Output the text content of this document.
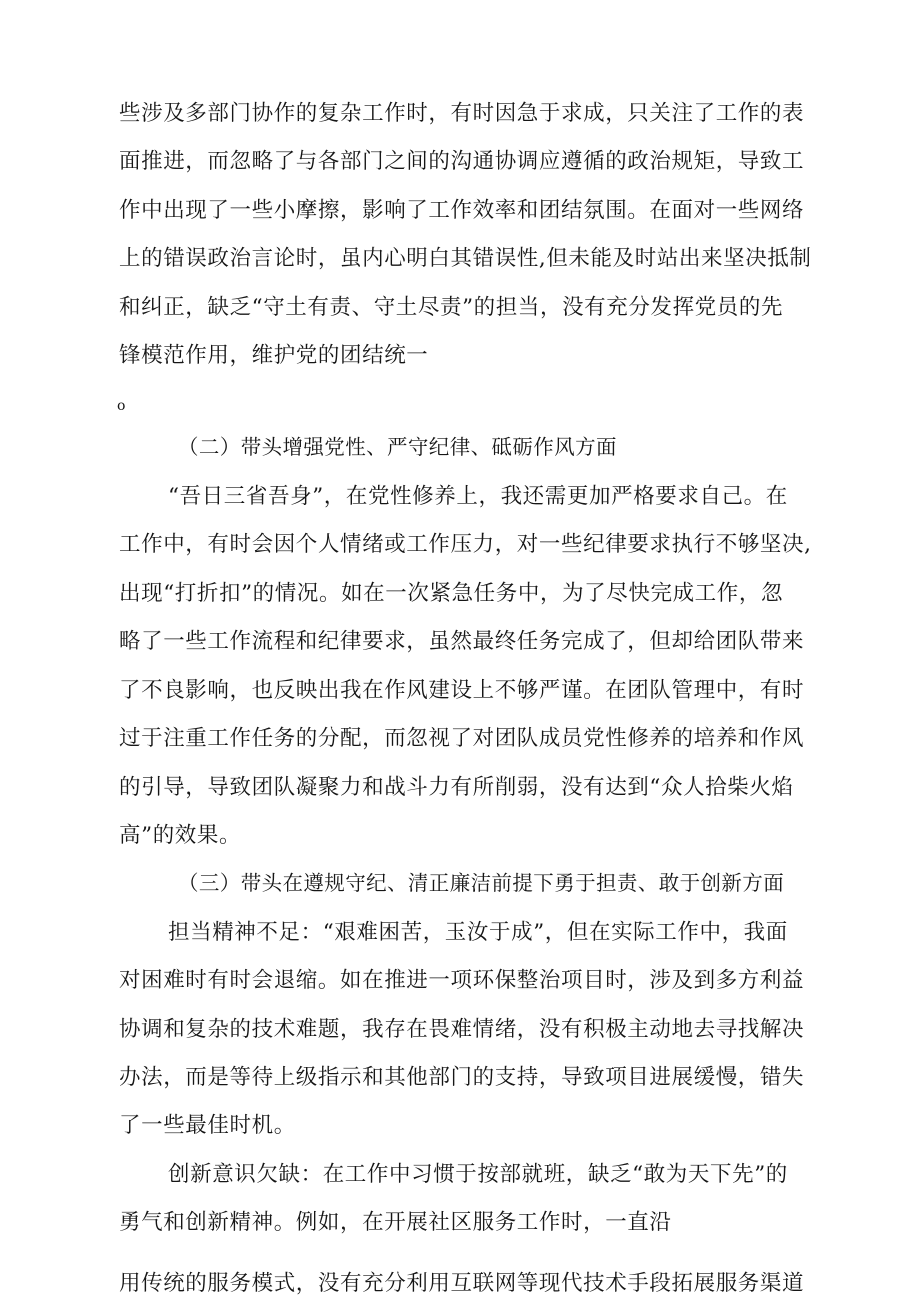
些涉及多部门协作的复杂工作时，有时因急于求成，只关注了工作的表
面推进，而忽略了与各部门之间的沟通协调应遵循的政治规矩，导致工
作中出现了一些小摩擦，影响了工作效率和团结氛围。在面对一些网络
上的错误政治言论时，虽内心明白其错误性,但未能及时站出来坚决抵制
和纠正，缺乏“守土有责、守土尽责”的担当，没有充分发挥党员的先
锋模范作用，维护党的团结统一
o
（二）带头增强党性、严守纪律、砥砺作风方面
“吾日三省吾身”，在党性修养上，我还需更加严格要求自己。在
工作中，有时会因个人情绪或工作压力，对一些纪律要求执行不够坚决,
出现“打折扣”的情况。如在一次紧急任务中，为了尽快完成工作，忽
略了一些工作流程和纪律要求，虽然最终任务完成了，但却给团队带来
了不良影响，也反映出我在作风建设上不够严谨。在团队管理中，有时
过于注重工作任务的分配，而忽视了对团队成员党性修养的培养和作风
的引导，导致团队凝聚力和战斗力有所削弱，没有达到“众人拾柴火焰
高”的效果。
（三）带头在遵规守纪、清正廉洁前提下勇于担责、敢于创新方面
担当精神不足：“艰难困苦，玉汝于成”，但在实际工作中，我面
对困难时有时会退缩。如在推进一项环保整治项目时，涉及到多方利益
协调和复杂的技术难题，我存在畏难情绪，没有积极主动地去寻找解决
办法，而是等待上级指示和其他部门的支持，导致项目进展缓慢，错失
了一些最佳时机。
创新意识欠缺：在工作中习惯于按部就班，缺乏“敢为天下先”的
勇气和创新精神。例如，在开展社区服务工作时，一直沿
用传统的服务模式，没有充分利用互联网等现代技术手段拓展服务渠道
